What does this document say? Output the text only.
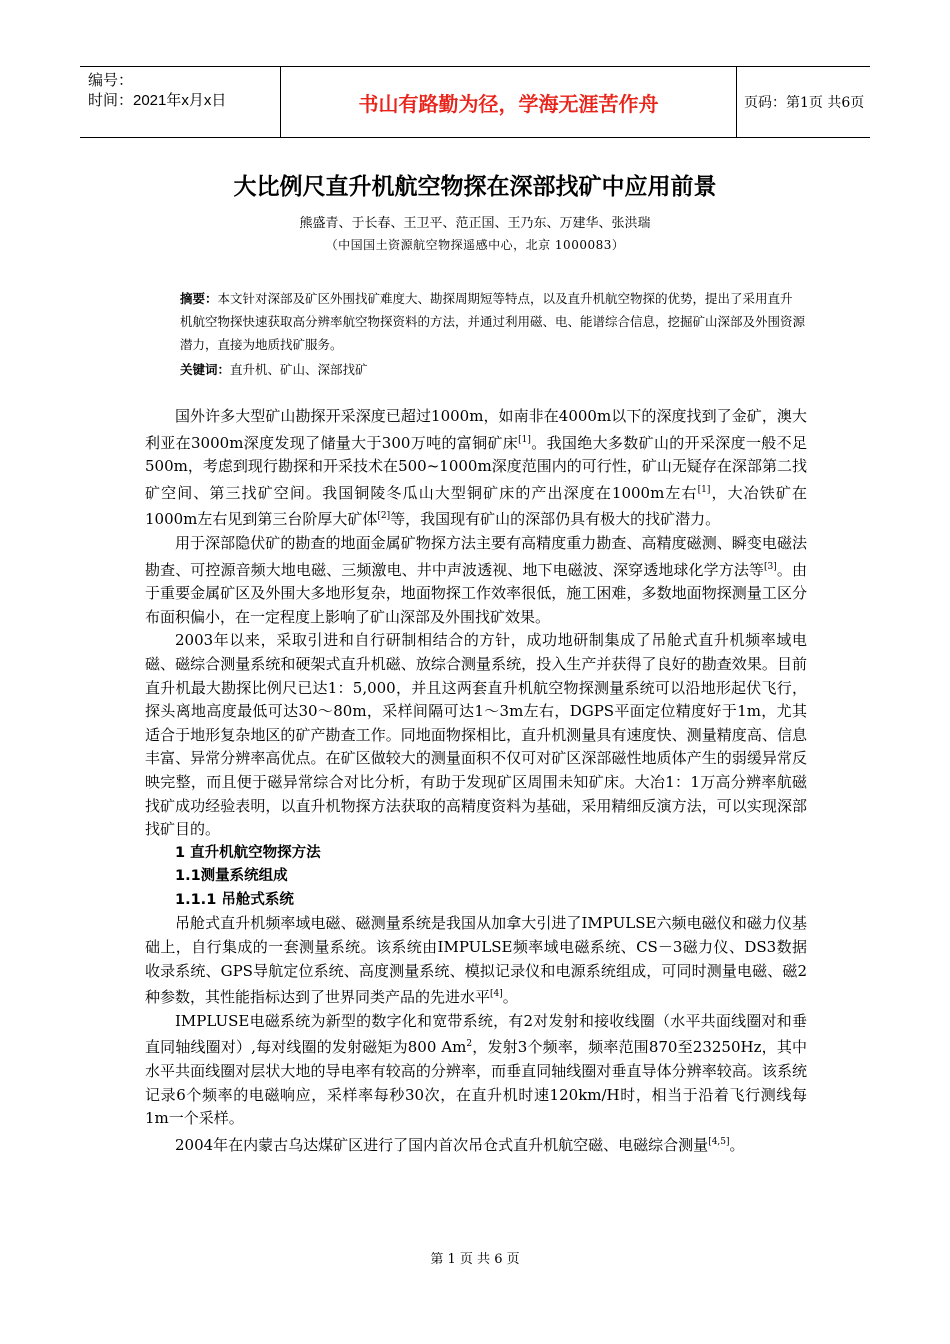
编号：
时间：2021年x月x日	书山有路勤为径，学海无涯苦作舟	页码：第1页 共6页
大比例尺直升机航空物探在深部找矿中应用前景
熊盛青、于长春、王卫平、范正国、王乃东、万建华、张洪瑞
（中国国土资源航空物探遥感中心，北京 1000083）
摘要：本文针对深部及矿区外围找矿难度大、勘探周期短等特点，以及直升机航空物探的优势，提出了采用直升机航空物探快速获取高分辨率航空物探资料的方法，并通过利用磁、电、能谱综合信息，挖掘矿山深部及外围资源潜力，直接为地质找矿服务。
关键词：直升机、矿山、深部找矿

国外许多大型矿山勘探开采深度已超过1000m，如南非在4000m以下的深度找到了金矿，澳大利亚在3000m深度发现了储量大于300万吨的富铜矿床[1]。我国绝大多数矿山的开采深度一般不足500m，考虑到现行勘探和开采技术在500~1000m深度范围内的可行性，矿山无疑存在深部第二找矿空间、第三找矿空间。我国铜陵冬瓜山大型铜矿床的产出深度在1000m左右[1]，大冶铁矿在1000m左右见到第三台阶厚大矿体[2]等，我国现有矿山的深部仍具有极大的找矿潜力。

用于深部隐伏矿的勘查的地面金属矿物探方法主要有高精度重力勘查、高精度磁测、瞬变电磁法勘查、可控源音频大地电磁、三频激电、井中声波透视、地下电磁波、深穿透地球化学方法等[3]。由于重要金属矿区及外围大多地形复杂，地面物探工作效率很低，施工困难，多数地面物探测量工区分布面积偏小，在一定程度上影响了矿山深部及外围找矿效果。

2003年以来，采取引进和自行研制相结合的方针，成功地研制集成了吊舱式直升机频率域电磁、磁综合测量系统和硬架式直升机磁、放综合测量系统，投入生产并获得了良好的勘查效果。目前直升机最大勘探比例尺已达1：5,000，并且这两套直升机航空物探测量系统可以沿地形起伏飞行，探头离地高度最低可达30～80m，采样间隔可达1～3m左右，DGPS平面定位精度好于1m，尤其适合于地形复杂地区的矿产勘查工作。同地面物探相比，直升机测量具有速度快、测量精度高、信息丰富、异常分辨率高优点。在矿区做较大的测量面积不仅可对矿区深部磁性地质体产生的弱缓异常反映完整，而且便于磁异常综合对比分析，有助于发现矿区周围未知矿床。大冶1：1万高分辨率航磁找矿成功经验表明，以直升机物探方法获取的高精度资料为基础，采用精细反演方法，可以实现深部找矿目的。

1 直升机航空物探方法
1.1测量系统组成
1.1.1 吊舱式系统

吊舱式直升机频率域电磁、磁测量系统是我国从加拿大引进了IMPULSE六频电磁仪和磁力仪基础上，自行集成的一套测量系统。该系统由IMPULSE频率域电磁系统、CS－3磁力仪、DS3数据收录系统、GPS导航定位系统、高度测量系统、模拟记录仪和电源系统组成，可同时测量电磁、磁2种参数，其性能指标达到了世界同类产品的先进水平[4]。

IMPLUSE电磁系统为新型的数字化和宽带系统，有2对发射和接收线圈（水平共面线圈对和垂直同轴线圈对）,每对线圈的发射磁矩为800 Am$^2$，发射3个频率，频率范围870至23250Hz，其中水平共面线圈对层状大地的导电率有较高的分辨率，而垂直同轴线圈对垂直导体分辨率较高。该系统记录6个频率的电磁响应，采样率每秒30次，在直升机时速120km/H时，相当于沿着飞行测线每1m一个采样。

2004年在内蒙古乌达煤矿区进行了国内首次吊仓式直升机航空磁、电磁综合测量[4,5]。

第 1 页 共 6 页
